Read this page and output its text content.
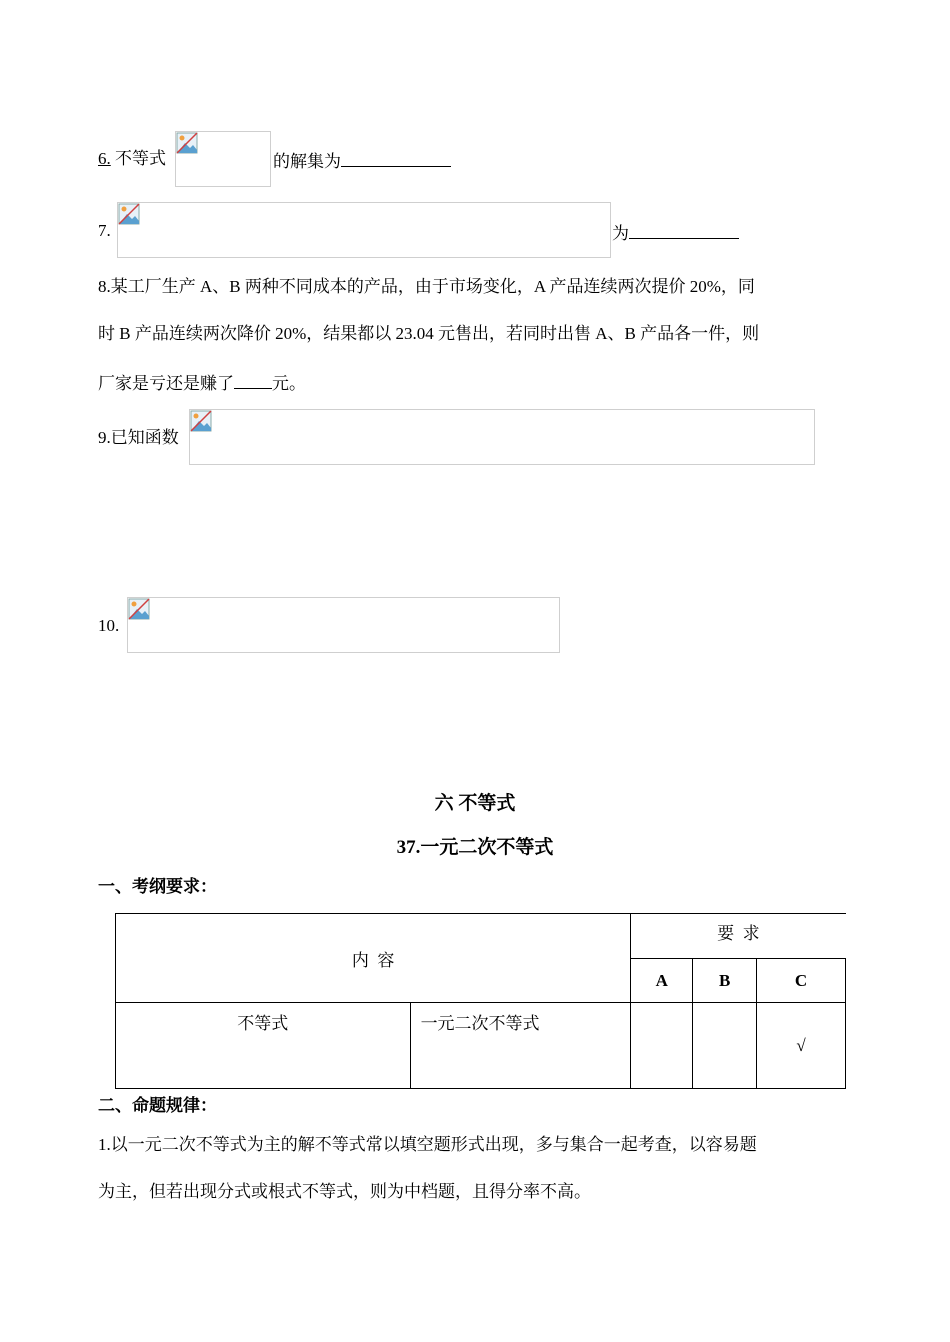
6. 不等式	的解集为
7.	为
8.某工厂生产 A、B 两种不同成本的产品，由于市场变化，A 产品连续两次提价 20%，同
时 B 产品连续两次降价 20%，结果都以 23.04 元售出，若同时出售 A、B 产品各一件，则
厂家是亏还是赚了 元。
9.已知函数
10.
六 不等式
37.一元二次不等式
一、考纲要求：
内  容		要  求		
		A	B	C
不等式	一元二次不等式			√
二、命题规律：
1.以一元二次不等式为主的解不等式常以填空题形式出现，多与集合一起考查，以容易题
为主，但若出现分式或根式不等式，则为中档题，且得分率不高。
